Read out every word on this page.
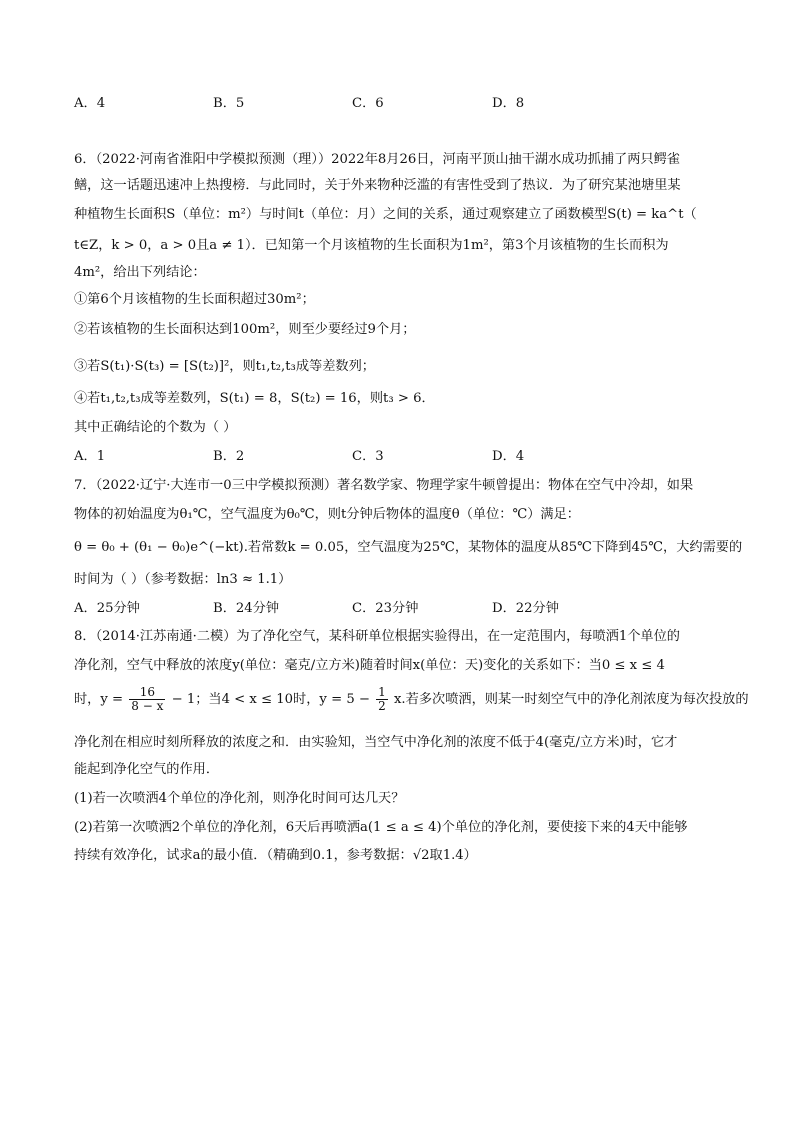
A．4	B．5	C．6	D．8
6．（2022·河南省淮阳中学模拟预测（理））2022年8月26日，河南平顶山抽干湖水成功抓捕了两只鳄雀
鳝，这一话题迅速冲上热搜榜．与此同时，关于外来物种泛滥的有害性受到了热议．为了研究某池塘里某
种植物生长面积S（单位：m²）与时间t（单位：月）之间的关系，通过观察建立了函数模型S(t) = ka^t（
t∈Z，k > 0，a > 0且a ≠ 1）．已知第一个月该植物的生长面积为1m²，第3个月该植物的生长而积为
4m²，给出下列结论：
①第6个月该植物的生长面积超过30m²；
②若该植物的生长面积达到100m²，则至少要经过9个月；
③若S(t₁)·S(t₃) = [S(t₂)]²，则t₁,t₂,t₃成等差数列；
④若t₁,t₂,t₃成等差数列，S(t₁) = 8，S(t₂) = 16，则t₃ > 6．
其中正确结论的个数为（ ）
A．1	B．2	C．3	D．4
7．（2022·辽宁·大连市一0三中学模拟预测）著名数学家、物理学家牛顿曾提出：物体在空气中冷却，如果
物体的初始温度为θ₁℃，空气温度为θ₀℃，则t分钟后物体的温度θ（单位：℃）满足：
θ = θ₀ + (θ₁ − θ₀)e^(−kt).若常数k = 0.05，空气温度为25℃，某物体的温度从85℃下降到45℃，大约需要的
时间为（ ）（参考数据：ln3 ≈ 1.1）
A．25分钟	B．24分钟	C．23分钟	D．22分钟
8．（2014·江苏南通·二模）为了净化空气，某科研单位根据实验得出，在一定范围内，每喷洒1个单位的
净化剂，空气中释放的浓度y(单位：毫克/立方米)随着时间x(单位：天)变化的关系如下：当0 ≤ x ≤ 4
时，$y = \frac{16}{8 - x} - 1$；当4 < x ≤ 10时，$y = 5 - \frac{1}{2} x$.若多次喷洒，则某一时刻空气中的净化剂浓度为每次投放的
净化剂在相应时刻所释放的浓度之和．由实验知，当空气中净化剂的浓度不低于4(毫克/立方米)时，它才
能起到净化空气的作用．
(1)若一次喷洒4个单位的净化剂，则净化时间可达几天？
(2)若第一次喷洒2个单位的净化剂，6天后再喷洒a(1 ≤ a ≤ 4)个单位的净化剂，要使接下来的4天中能够
持续有效净化，试求a的最小值．（精确到0.1，参考数据：√2取1.4）
